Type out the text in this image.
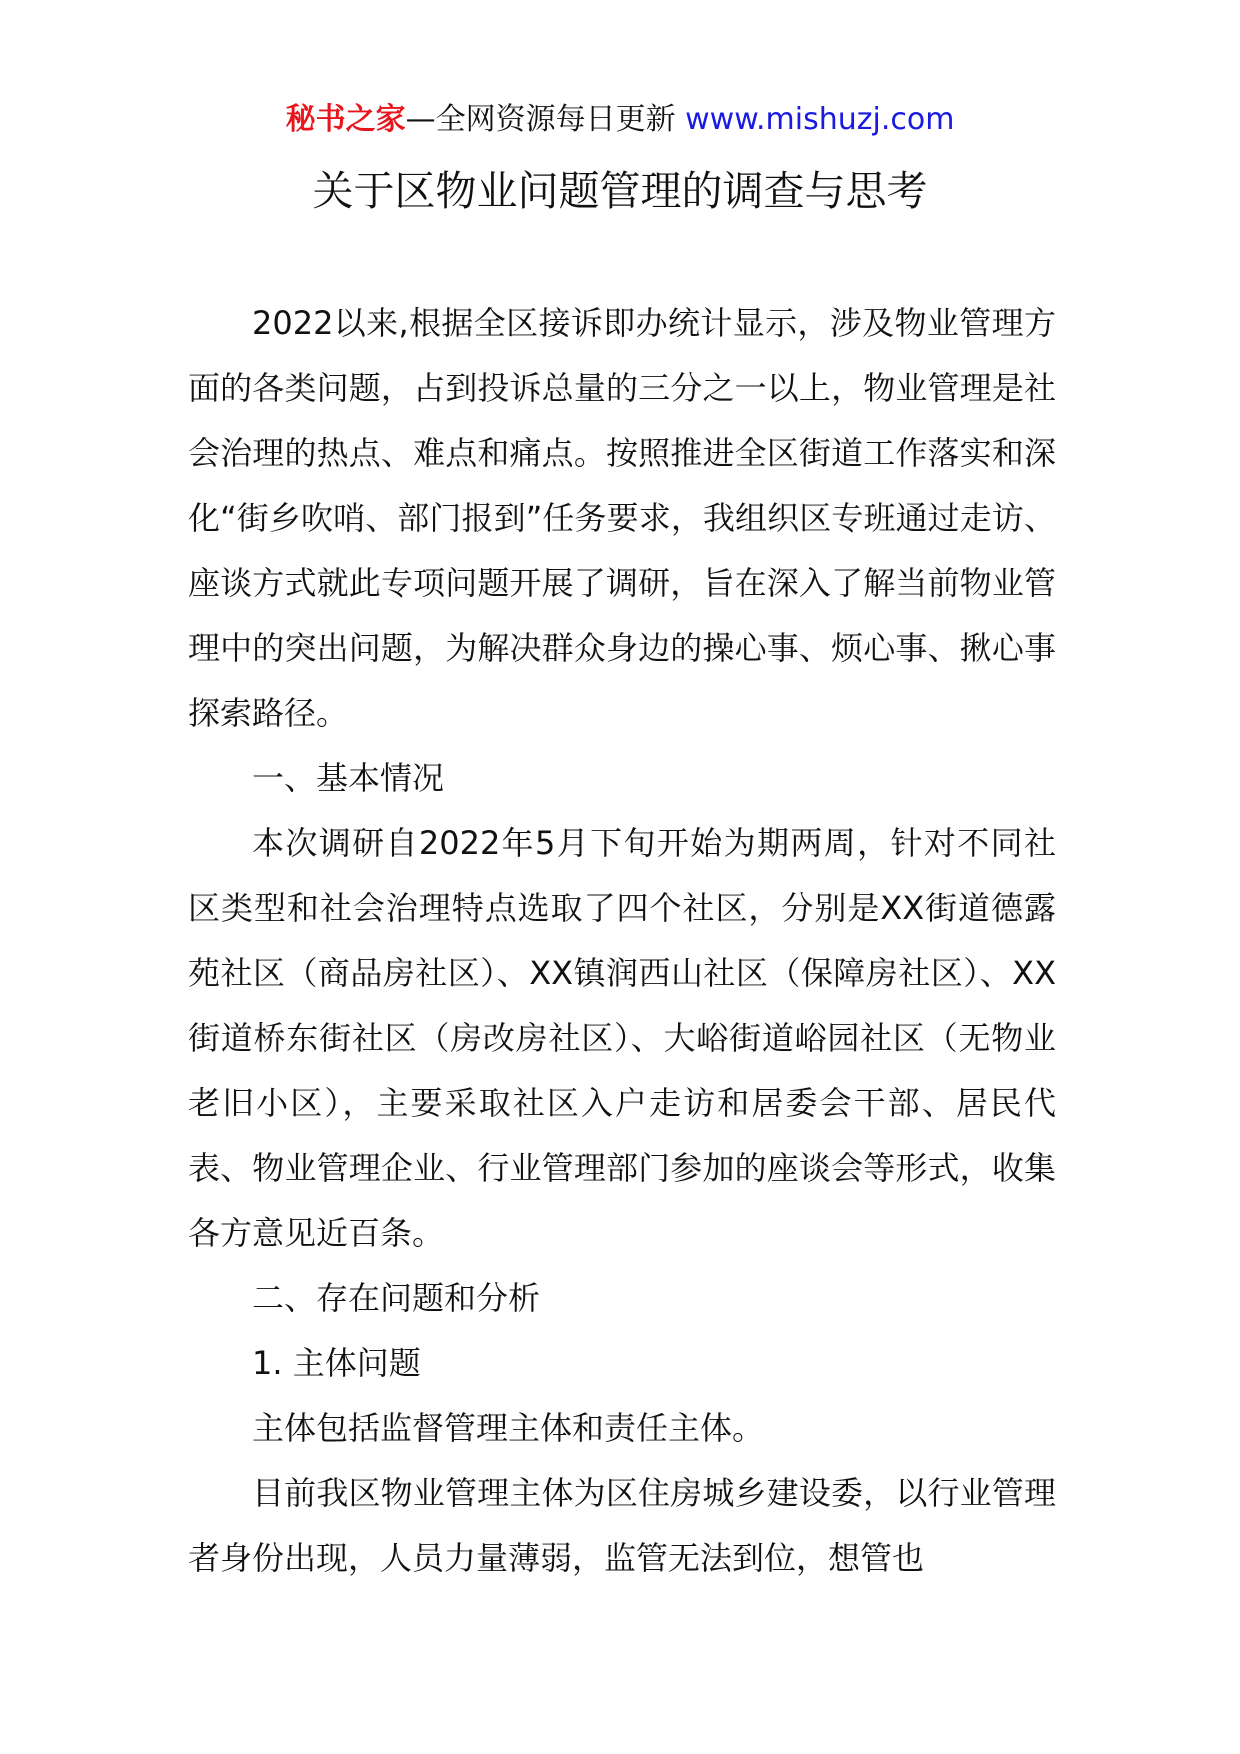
秘书之家—全网资源每日更新 www.mishuzj.com
关于区物业问题管理的调查与思考

2022以来,根据全区接诉即办统计显示，涉及物业管理方面的各类问题，占到投诉总量的三分之一以上，物业管理是社会治理的热点、难点和痛点。按照推进全区街道工作落实和深化“街乡吹哨、部门报到”任务要求，我组织区专班通过走访、座谈方式就此专项问题开展了调研，旨在深入了解当前物业管理中的突出问题，为解决群众身边的操心事、烦心事、揪心事探索路径。

一、基本情况

本次调研自2022年5月下旬开始为期两周，针对不同社区类型和社会治理特点选取了四个社区，分别是XX街道德露苑社区（商品房社区）、XX镇润西山社区（保障房社区）、XX街道桥东街社区（房改房社区）、大峪街道峪园社区（无物业老旧小区），主要采取社区入户走访和居委会干部、居民代表、物业管理企业、行业管理部门参加的座谈会等形式，收集各方意见近百条。

二、存在问题和分析

1. 主体问题

主体包括监督管理主体和责任主体。

目前我区物业管理主体为区住房城乡建设委，以行业管理者身份出现，人员力量薄弱，监管无法到位，想管也
